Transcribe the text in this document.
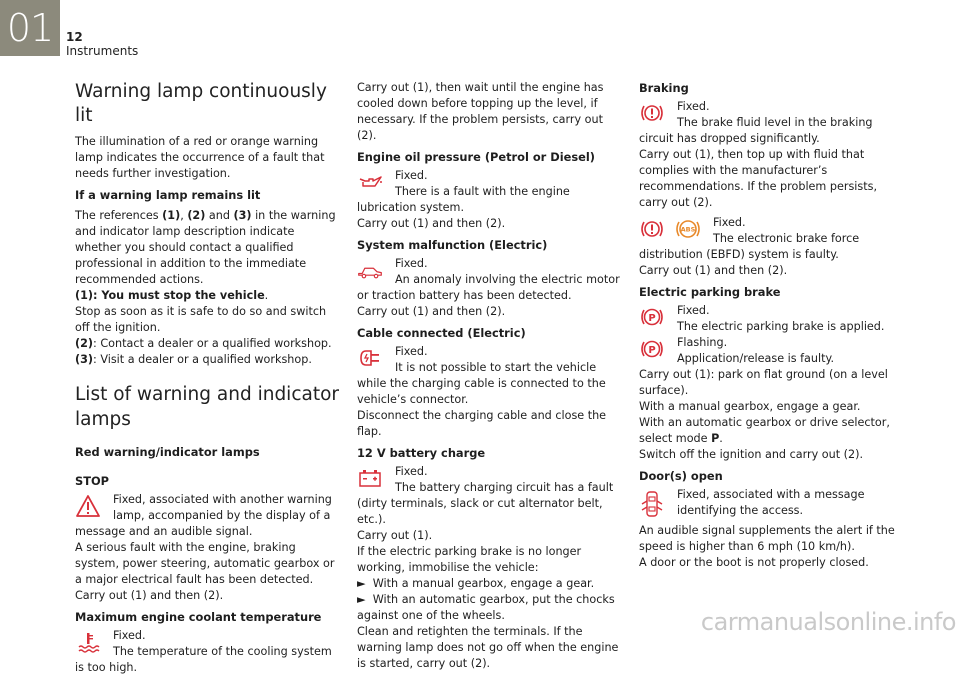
01	12
Instruments
Warning lamp continuously lit

The illumination of a red or orange warning lamp indicates the occurrence of a fault that needs further investigation.

If a warning lamp remains lit

The references (1), (2) and (3) in the warning and indicator lamp description indicate whether you should contact a qualified professional in addition to the immediate recommended actions.

(1): You must stop the vehicle.

Stop as soon as it is safe to do so and switch off the ignition.

(2): Contact a dealer or a qualified workshop.

(3): Visit a dealer or a qualified workshop.

List of warning and indicator lamps
Red warning/indicator lamps
STOP

Fixed, associated with another warning lamp, accompanied by the display of a message and an audible signal.

A serious fault with the engine, braking system, power steering, automatic gearbox or a major electrical fault has been detected.

Carry out (1) and then (2).

Maximum engine coolant temperature

Fixed.

The temperature of the cooling system is too high.

Carry out (1), then wait until the engine has cooled down before topping up the level, if necessary. If the problem persists, carry out (2).

Engine oil pressure (Petrol or Diesel)

Fixed.

There is a fault with the engine lubrication system.

Carry out (1) and then (2).

System malfunction (Electric)

Fixed.

An anomaly involving the electric motor or traction battery has been detected.

Carry out (1) and then (2).

Cable connected (Electric)

Fixed.

It is not possible to start the vehicle while the charging cable is connected to the vehicle’s connector.

Disconnect the charging cable and close the flap.

12 V battery charge

Fixed.

The battery charging circuit has a fault (dirty terminals, slack or cut alternator belt, etc.).

Carry out (1).

If the electric parking brake is no longer working, immobilise the vehicle:

► With a manual gearbox, engage a gear.

► With an automatic gearbox, put the chocks against one of the wheels.

Clean and retighten the terminals. If the warning lamp does not go off when the engine is started, carry out (2).

Braking

Fixed.

The brake fluid level in the braking circuit has dropped significantly.

Carry out (1), then top up with fluid that complies with the manufacturer’s recommendations. If the problem persists, carry out (2).

ABS

Fixed.

The electronic brake force distribution (EBFD) system is faulty.

Carry out (1) and then (2).

Electric parking brake
P

Fixed.

The electric parking brake is applied.

P

Flashing.

Application/release is faulty.

Carry out (1): park on flat ground (on a level surface).

With a manual gearbox, engage a gear.

With an automatic gearbox or drive selector, select mode P.

Switch off the ignition and carry out (2).

Door(s) open

Fixed, associated with a message identifying the access.

An audible signal supplements the alert if the speed is higher than 6 mph (10 km/h).

A door or the boot is not properly closed.

carmanualsonline.info
